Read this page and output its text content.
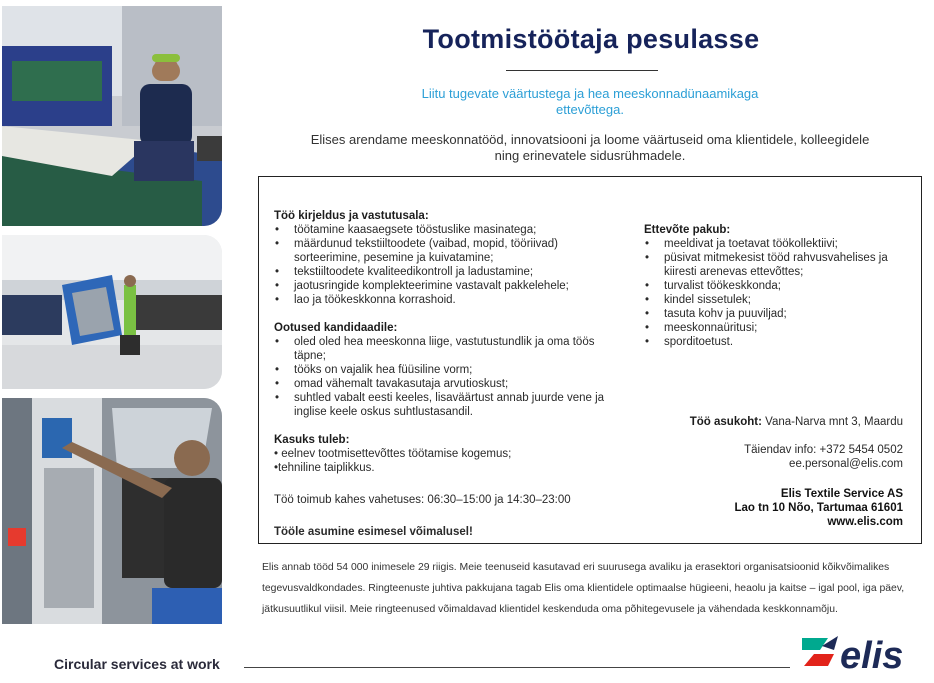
Tootmistöötaja pesulasse
Liitu tugevate väärtustega ja hea meeskonnadünaamikaga ettevõttega.
Elises arendame meeskonnatööd, innovatsiooni ja loome väärtuseid oma klientidele, kolleegidele ning erinevatele sidusrühmadele.
Töö kirjeldus ja vastutusala:
• töötamine kaasaegsete tööstuslike masinatega;
• määrdunud tekstiiltoodete (vaibad, mopid, tööriivad) sorteerimine, pesemine ja kuivatamine;
• tekstiiltoodete kvaliteedikontroll ja ladustamine;
• jaotusringide komplekteerimine vastavalt pakkelehele;
• lao ja töökeskkonna korrashoid.
Ootused kandidaadile:
• oled oled hea meeskonna liige, vastutustundlik ja oma töös täpne;
• tööks on vajalik hea füüsiline vorm;
• omad vähemalt tavakasutaja arvutioskust;
• suhtled vabalt eesti keeles, lisaväärtust annab juurde vene ja inglise keele oskus suhtlustasandil.
Kasuks tuleb:

• eelnev tootmisettevõttes töötamise kogemus;

•tehniline taiplikkus.

Töö toimub kahes vahetuses: 06:30–15:00 ja 14:30–23:00

Tööle asumine esimesel võimalusel!

Ettevõte pakub:
• meeldivat ja toetavat töökollektiivi;
• püsivat mitmekesist tööd rahvusvahelises ja kiiresti arenevas ettevõttes;
• turvalist töökeskkonda;
• kindel sissetulek;
• tasuta kohv ja puuviljad;
• meeskonnaüritusi;
• sporditoetust.
Töö asukoht: Vana-Narva mnt 3, Maardu
Täiendav info: +372 5454 0502
ee.personal@elis.com
Elis Textile Service AS
Lao tn 10 Nõo, Tartumaa 61601
www.elis.com
Elis annab tööd 54 000 inimesele 29 riigis. Meie teenuseid kasutavad eri suurusega avaliku ja erasektori organisatsioonid kõikvõimalikes tegevusvaldkondades. Ringteenuste juhtiva pakkujana tagab Elis oma klientidele optimaalse hügieeni, heaolu ja kaitse – igal pool, iga päev, jätkusuutlikul viisil. Meie ringteenused võimaldavad klientidel keskenduda oma põhitegevusele ja vähendada keskkonnamõju.
Circular services at work	elis
